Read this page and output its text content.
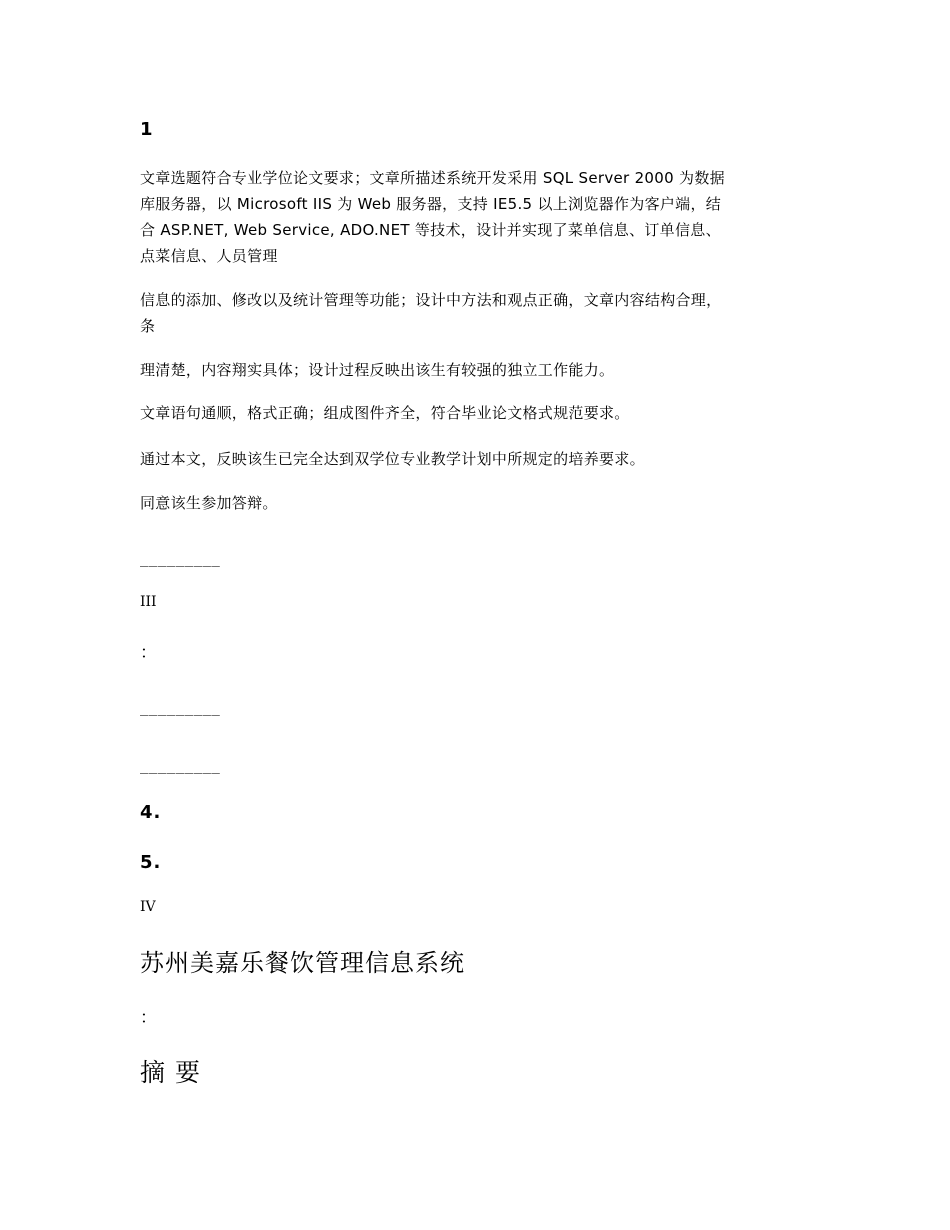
1
文章选题符合专业学位论文要求；文章所描述系统开发采用 SQL Server 2000 为数据
库服务器，以 Microsoft IIS 为 Web 服务器，支持 IE5.5 以上浏览器作为客户端，结
合 ASP.NET, Web Service, ADO.NET 等技术，设计并实现了菜单信息、订单信息、
点菜信息、人员管理
信息的添加、修改以及统计管理等功能；设计中方法和观点正确，文章内容结构合理，
条
理清楚，内容翔实具体；设计过程反映出该生有较强的独立工作能力。
文章语句通顺，格式正确；组成图件齐全，符合毕业论文格式规范要求。
通过本文，反映该生已完全达到双学位专业教学计划中所规定的培养要求。
同意该生参加答辩。
_________
III
：
_________
_________
4.
5.
IV
苏州美嘉乐餐饮管理信息系统
：
摘要
